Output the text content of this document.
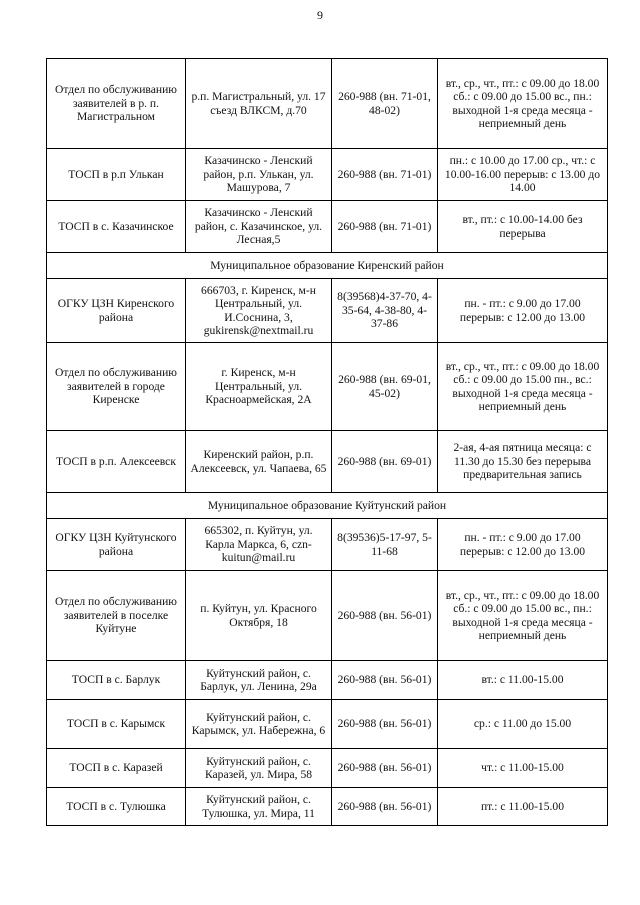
9
Отдел по обслуживанию заявителей в р. п. Магистральном	р.п. Магистральный, ул. 17 съезд ВЛКСМ, д.70	260-988 (вн. 71-01, 48-02)	вт., ср., чт., пт.: с 09.00 до 18.00 сб.: с 09.00 до 15.00 вс., пн.: выходной 1-я среда месяца - неприемный день
ТОСП в р.п Улькан	Казачинско - Ленский район, р.п. Улькан, ул. Машурова, 7	260-988 (вн. 71-01)	пн.: с 10.00 до 17.00 ср., чт.: с 10.00-16.00 перерыв: с 13.00 до 14.00
ТОСП в с. Казачинское	Казачинско - Ленский район, с. Казачинское, ул. Лесная,5	260-988 (вн. 71-01)	вт., пт.: с 10.00-14.00 без перерыва
Муниципальное образование Киренский район			
ОГКУ ЦЗН Киренского района	666703, г. Киренск, м-н Центральный, ул. И.Соснина, 3, gukirensk@nextmail.ru	8(39568)4-37-70, 4-35-64, 4-38-80, 4-37-86	пн. - пт.: с 9.00 до 17.00 перерыв: с 12.00 до 13.00
Отдел по обслуживанию заявителей в городе Киренске	г. Киренск, м-н Центральный, ул. Красноармейская, 2А	260-988 (вн. 69-01, 45-02)	вт., ср., чт., пт.: с 09.00 до 18.00 сб.: с 09.00 до 15.00 пн., вс.: выходной 1-я среда месяца - неприемный день
ТОСП в р.п. Алексеевск	Киренский район, р.п. Алексеевск, ул. Чапаева, 65	260-988 (вн. 69-01)	2-ая, 4-ая пятница месяца: с 11.30 до 15.30 без перерыва предварительная запись
Муниципальное образование Куйтунский район			
ОГКУ ЦЗН Куйтунского района	665302, п. Куйтун, ул. Карла Маркса, 6, czn-kuitun@mail.ru	8(39536)5-17-97, 5-11-68	пн. - пт.: с 9.00 до 17.00 перерыв: с 12.00 до 13.00
Отдел по обслуживанию заявителей в поселке Куйтуне	п. Куйтун, ул. Красного Октября, 18	260-988 (вн. 56-01)	вт., ср., чт., пт.: с 09.00 до 18.00 сб.: с 09.00 до 15.00 вс., пн.: выходной 1-я среда месяца - неприемный день
ТОСП в с. Барлук	Куйтунский район, с. Барлук, ул. Ленина, 29а	260-988 (вн. 56-01)	вт.: с 11.00-15.00
ТОСП в с. Карымск	Куйтунский район, с. Карымск, ул. Набережна, 6	260-988 (вн. 56-01)	ср.: с 11.00 до 15.00
ТОСП в с. Каразей	Куйтунский район, с. Каразей, ул. Мира, 58	260-988 (вн. 56-01)	чт.: с 11.00-15.00
ТОСП в с. Тулюшка	Куйтунский район, с. Тулюшка, ул. Мира, 11	260-988 (вн. 56-01)	пт.: с 11.00-15.00
